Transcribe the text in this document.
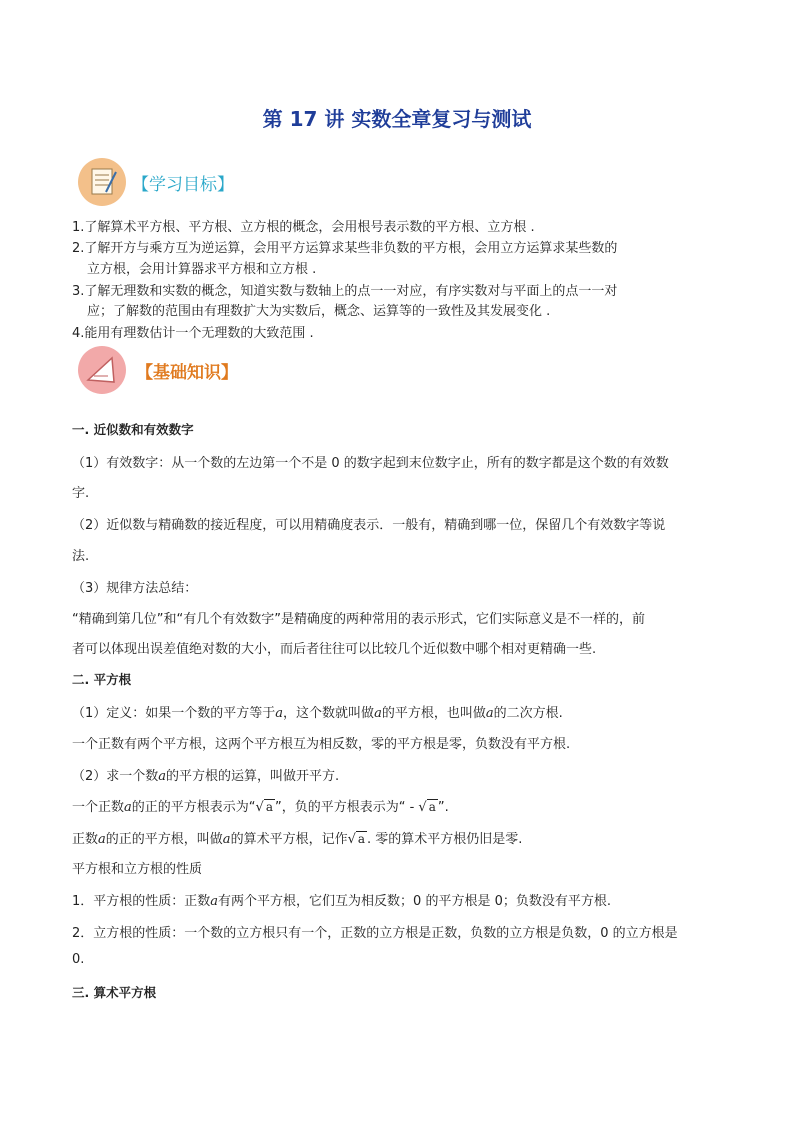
第 17 讲 实数全章复习与测试
【学习目标】
1.了解算术平方根、平方根、立方根的概念，会用根号表示数的平方根、立方根 .
2.了解开方与乘方互为逆运算，会用平方运算求某些非负数的平方根，会用立方运算求某些数的
立方根，会用计算器求平方根和立方根 .
3.了解无理数和实数的概念，知道实数与数轴上的点一一对应，有序实数对与平面上的点一一对
应；了解数的范围由有理数扩大为实数后，概念、运算等的一致性及其发展变化 .
4.能用有理数估计一个无理数的大致范围 .
【基础知识】
一. 近似数和有效数字
（1）有效数字：从一个数的左边第一个不是 0 的数字起到末位数字止，所有的数字都是这个数的有效数
字.
（2）近似数与精确数的接近程度，可以用精确度表示．一般有，精确到哪一位，保留几个有效数字等说
法.
（3）规律方法总结：
“精确到第几位”和“有几个有效数字”是精确度的两种常用的表示形式，它们实际意义是不一样的，前
者可以体现出误差值绝对数的大小，而后者往往可以比较几个近似数中哪个相对更精确一些.
二. 平方根
（1）定义：如果一个数的平方等于a，这个数就叫做a的平方根，也叫做a的二次方根.
一个正数有两个平方根，这两个平方根互为相反数，零的平方根是零，负数没有平方根.
（2）求一个数a的平方根的运算，叫做开平方.
一个正数a的正的平方根表示为“√ a ”，负的平方根表示为“ - √ a ”.
正数a的正的平方根，叫做a的算术平方根，记作√ a . 零的算术平方根仍旧是零.
平方根和立方根的性质
1．平方根的性质：正数a有两个平方根，它们互为相反数；0 的平方根是 0；负数没有平方根.
2．立方根的性质：一个数的立方根只有一个，正数的立方根是正数，负数的立方根是负数，0 的立方根是
0.
三. 算术平方根
